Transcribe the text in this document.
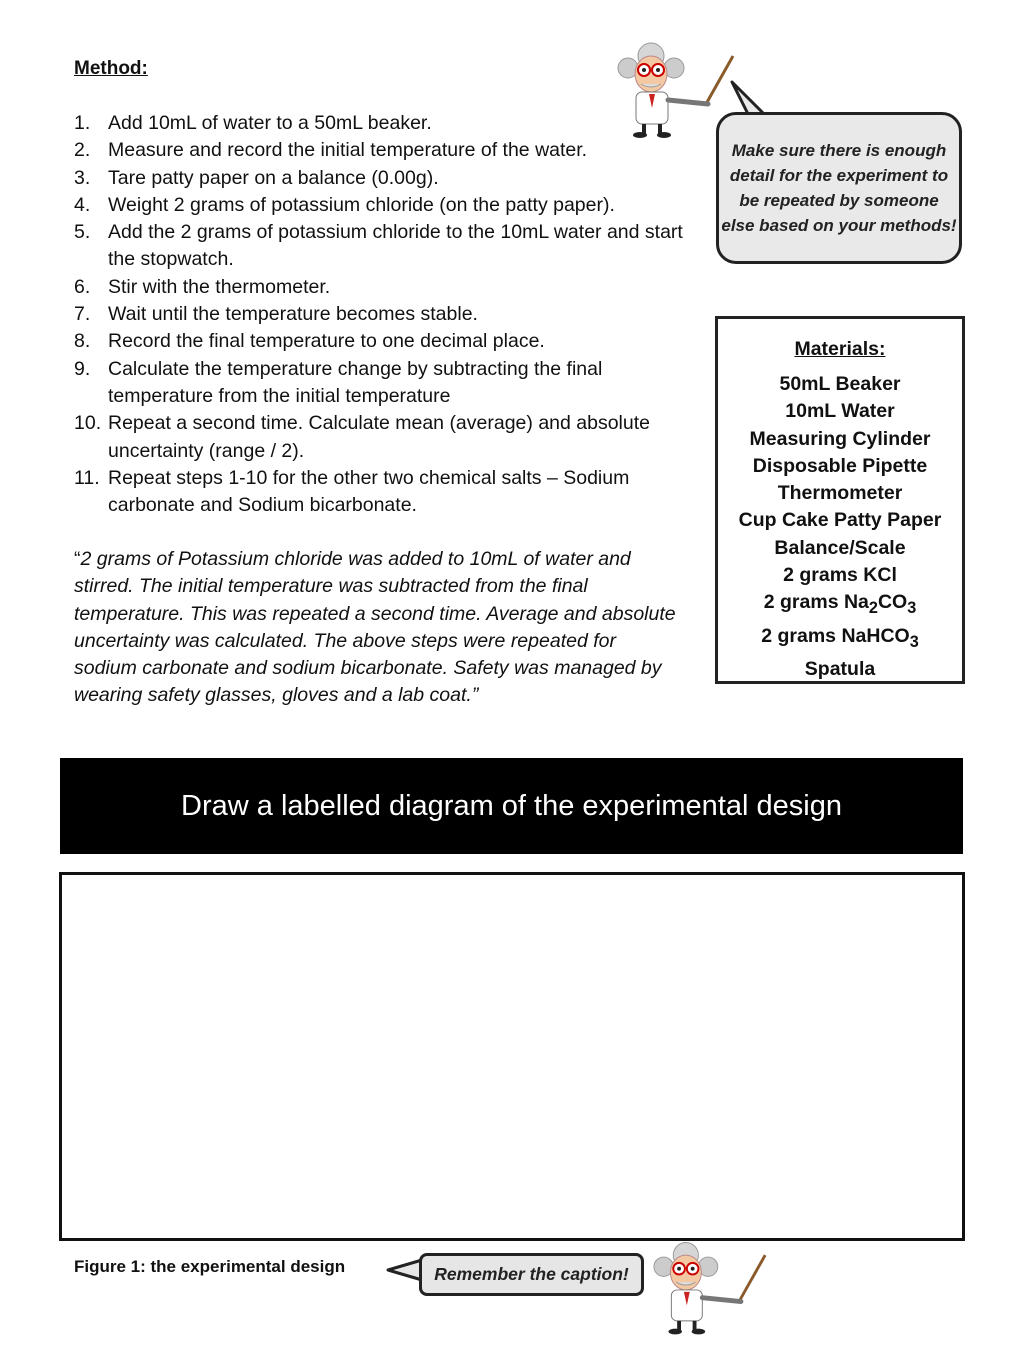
Method:
1. Add 10mL of water to a 50mL beaker.
2. Measure and record the initial temperature of the water.
3. Tare patty paper on a balance (0.00g).
4. Weight 2 grams of potassium chloride (on the patty paper).
5. Add the 2 grams of potassium chloride to the 10mL water and start the stopwatch.
6. Stir with the thermometer.
7. Wait until the temperature becomes stable.
8. Record the final temperature to one decimal place.
9. Calculate the temperature change by subtracting the final temperature from the initial temperature
10. Repeat a second time. Calculate mean (average) and absolute uncertainty (range / 2).
11. Repeat steps 1-10 for the other two chemical salts – Sodium carbonate and Sodium bicarbonate.
“2 grams of Potassium chloride was added to 10mL of water and stirred. The initial temperature was subtracted from the final temperature. This was repeated a second time. Average and absolute uncertainty was calculated. The above steps were repeated for sodium carbonate and sodium bicarbonate. Safety was managed by wearing safety glasses, gloves and a lab coat.”
Make sure there is enough detail for the experiment to be repeated by someone else based on your methods!
Materials:
50mL Beaker
10mL Water
Measuring Cylinder
Disposable Pipette
Thermometer
Cup Cake Patty Paper
Balance/Scale
2 grams KCl
2 grams $Na_2CO_3$
2 grams NaHCO$_3$
Spatula
Draw a labelled diagram of the experimental design
Figure 1: the experimental design	Remember the caption!
